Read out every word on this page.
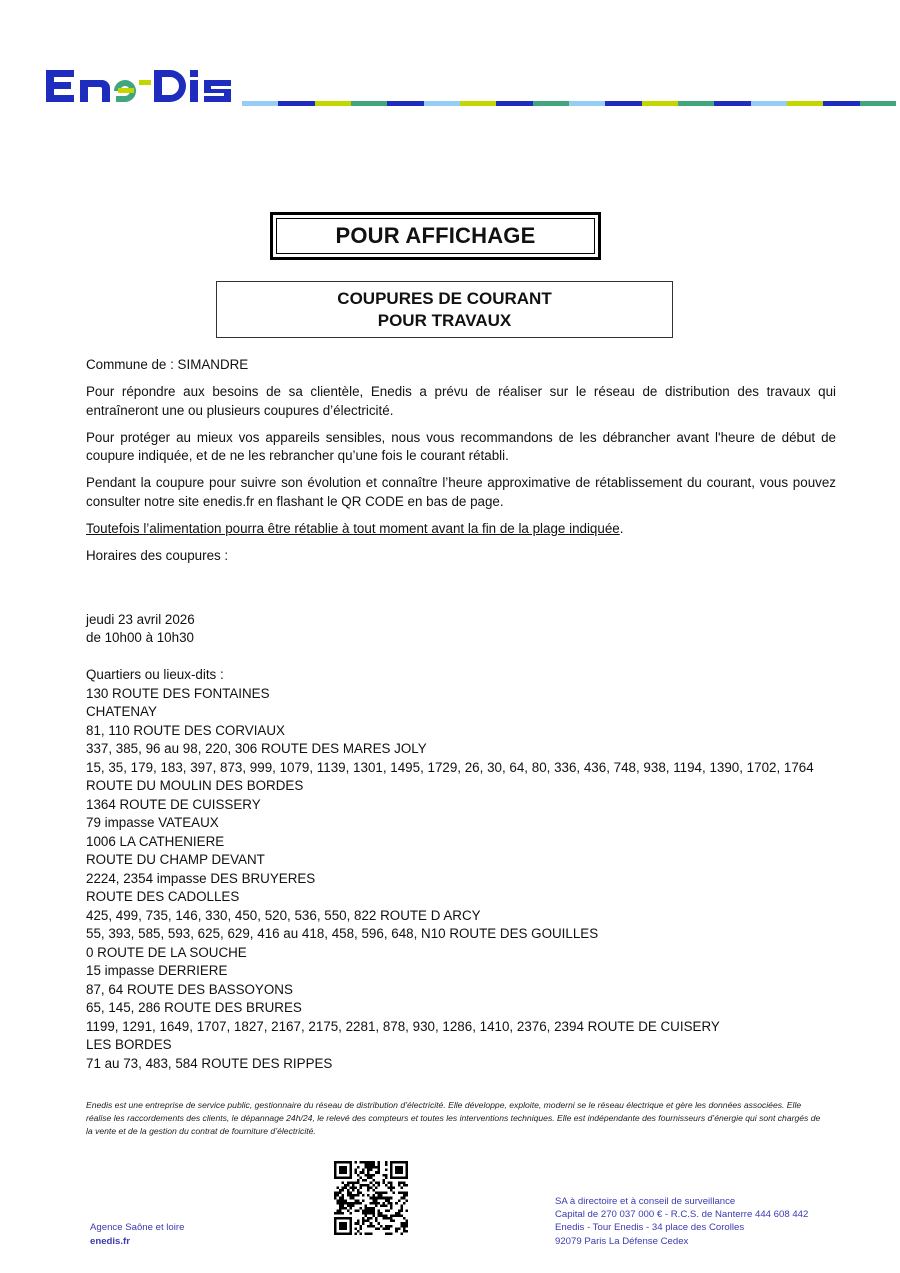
POUR AFFICHAGE
COUPURES DE COURANT
POUR TRAVAUX

Commune de : SIMANDRE

Pour répondre aux besoins de sa clientèle, Enedis a prévu de réaliser sur le réseau de distribution des travaux qui entraîneront une ou plusieurs coupures d’électricité.

Pour protéger au mieux vos appareils sensibles, nous vous recommandons de les débrancher avant l'heure de début de coupure indiquée, et de ne les rebrancher qu’une fois le courant rétabli.

Pendant la coupure pour suivre son évolution et connaître l’heure approximative de rétablissement du courant, vous pouvez consulter notre site enedis.fr en flashant le QR CODE en bas de page.

Toutefois l’alimentation pourra être rétablie à tout moment avant la fin de la plage indiquée.

Horaires des coupures :

jeudi 23 avril 2026
de 10h00 à 10h30
Quartiers ou lieux-dits :
130 ROUTE DES FONTAINES
CHATENAY
81, 110 ROUTE DES CORVIAUX
337, 385, 96 au 98, 220, 306 ROUTE DES MARES JOLY
15, 35, 179, 183, 397, 873, 999, 1079, 1139, 1301, 1495, 1729, 26, 30, 64, 80, 336, 436, 748, 938, 1194, 1390, 1702, 1764
ROUTE DU MOULIN DES BORDES
1364 ROUTE DE CUISSERY
79 impasse VATEAUX
1006 LA CATHENIERE
ROUTE DU CHAMP DEVANT
2224, 2354 impasse DES BRUYERES
ROUTE DES CADOLLES
425, 499, 735, 146, 330, 450, 520, 536, 550, 822 ROUTE D ARCY
55, 393, 585, 593, 625, 629, 416 au 418, 458, 596, 648, N10 ROUTE DES GOUILLES
0 ROUTE DE LA SOUCHE
15 impasse DERRIERE
87, 64 ROUTE DES BASSOYONS
65, 145, 286 ROUTE DES BRURES
1199, 1291, 1649, 1707, 1827, 2167, 2175, 2281, 878, 930, 1286, 1410, 2376, 2394 ROUTE DE CUISERY
LES BORDES
71 au 73, 483, 584 ROUTE DES RIPPES
Enedis est une entreprise de service public, gestionnaire du réseau de distribution d’électricité. Elle développe, exploite, moderni se le réseau électrique et gère les données associées. Elle réalise les raccordements des clients, le dépannage 24h/24, le relevé des compteurs et toutes les interventions techniques. Elle est indépendante des fournisseurs d’énergie qui sont chargés de la vente et de la gestion du contrat de fourniture d’électricité.
Agence Saône et loire
enedis.fr
SA à directoire et à conseil de surveillance
Capital de 270 037 000 € - R.C.S. de Nanterre 444 608 442
Enedis - Tour Enedis - 34 place des Corolles
92079 Paris La Défense Cedex
